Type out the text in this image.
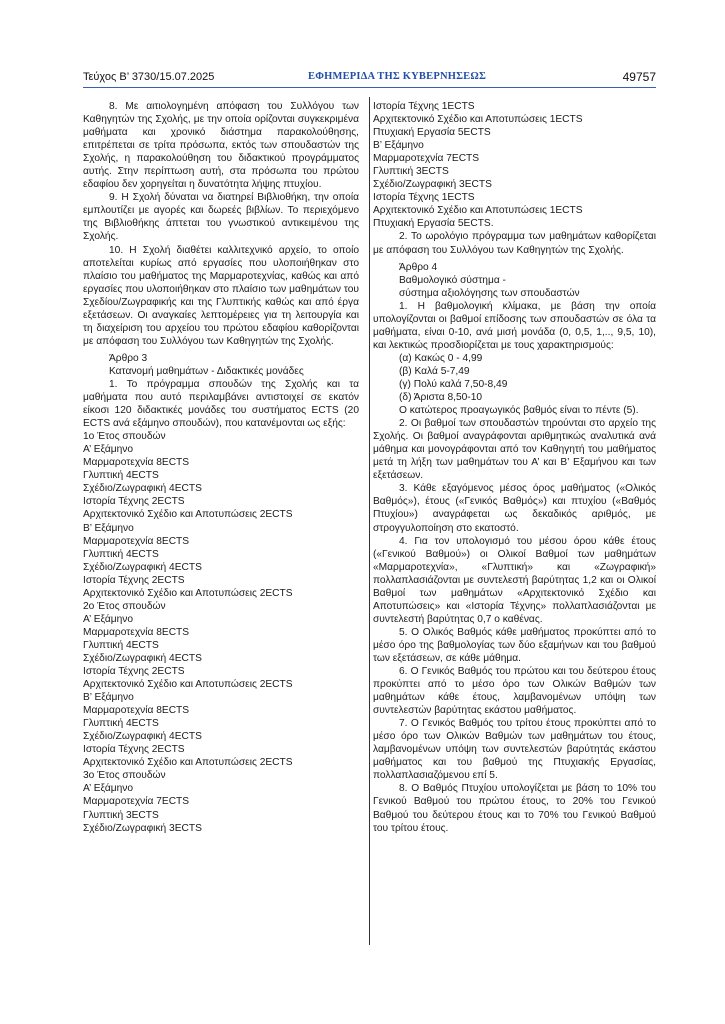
Τεύχος Β’ 3730/15.07.2025	ΕΦΗΜΕΡΙΔΑ ΤΗΣ ΚΥΒΕΡΝΗΣΕΩΣ	49757

8. Με αιτιολογημένη απόφαση του Συλλόγου των Καθηγητών της Σχολής, με την οποία ορίζονται συγκεκριμένα μαθήματα και χρονικό διάστημα παρακολούθησης, επιτρέπεται σε τρίτα πρόσωπα, εκτός των σπουδαστών της Σχολής, η παρακολούθηση του διδακτικού προγράμματος αυτής. Στην περίπτωση αυτή, στα πρόσωπα του πρώτου εδαφίου δεν χορηγείται η δυνατότητα λήψης πτυχίου.

9. Η Σχολή δύναται να διατηρεί Βιβλιοθήκη, την οποία εμπλουτίζει με αγορές και δωρεές βιβλίων. Το περιεχόμενο της Βιβλιοθήκης άπτεται του γνωστικού αντικειμένου της Σχολής.

10. Η Σχολή διαθέτει καλλιτεχνικό αρχείο, το οποίο αποτελείται κυρίως από εργασίες που υλοποιήθηκαν στο πλαίσιο του μαθήματος της Μαρμαροτεχνίας, καθώς και από εργασίες που υλοποιήθηκαν στο πλαίσιο των μαθημάτων του Σχεδίου/Ζωγραφικής και της Γλυπτικής καθώς και από έργα εξετάσεων. Οι αναγκαίες λεπτομέρειες για τη λειτουργία και τη διαχείριση του αρχείου του πρώτου εδαφίου καθορίζονται με απόφαση του Συλλόγου των Καθηγητών της Σχολής.

Άρθρο 3

Κατανομή μαθημάτων - Διδακτικές μονάδες

1. Το πρόγραμμα σπουδών της Σχολής και τα μαθήματα που αυτό περιλαμβάνει αντιστοιχεί σε εκατόν είκοσι 120 διδακτικές μονάδες του συστήματος ECTS (20 ECTS ανά εξάμηνο σπουδών), που κατανέμονται ως εξής:

1ο Έτος σπουδών

Α’ Εξάμηνο

Μαρμαροτεχνία 8ECTS

Γλυπτική 4ECTS

Σχέδιο/Ζωγραφική 4ECTS

Ιστορία Τέχνης 2ECTS

Αρχιτεκτονικό Σχέδιο και Αποτυπώσεις 2ECTS

Β’ Εξάμηνο

Μαρμαροτεχνία 8ECTS

Γλυπτική 4ECTS

Σχέδιο/Ζωγραφική 4ECTS

Ιστορία Τέχνης 2ECTS

Αρχιτεκτονικό Σχέδιο και Αποτυπώσεις 2ECTS

2ο Έτος σπουδών

Α’ Εξάμηνο

Μαρμαροτεχνία 8ECTS

Γλυπτική 4ECTS

Σχέδιο/Ζωγραφική 4ECTS

Ιστορία Τέχνης 2ECTS

Αρχιτεκτονικό Σχέδιο και Αποτυπώσεις 2ECTS

Β’ Εξάμηνο

Μαρμαροτεχνία 8ECTS

Γλυπτική 4ECTS

Σχέδιο/Ζωγραφική 4ECTS

Ιστορία Τέχνης 2ECTS

Αρχιτεκτονικό Σχέδιο και Αποτυπώσεις 2ECTS

3ο Έτος σπουδών

Α’ Εξάμηνο

Μαρμαροτεχνία 7ECTS

Γλυπτική 3ECTS

Σχέδιο/Ζωγραφική 3ECTS

Ιστορία Τέχνης 1ECTS

Αρχιτεκτονικό Σχέδιο και Αποτυπώσεις 1ECTS

Πτυχιακή Εργασία 5ECTS

Β’ Εξάμηνο

Μαρμαροτεχνία 7ECTS

Γλυπτική 3ECTS

Σχέδιο/Ζωγραφική 3ECTS

Ιστορία Τέχνης 1ECTS

Αρχιτεκτονικό Σχέδιο και Αποτυπώσεις 1ECTS

Πτυχιακή Εργασία 5ECTS.

2. Το ωρολόγιο πρόγραμμα των μαθημάτων καθορίζεται με απόφαση του Συλλόγου των Καθηγητών της Σχολής.

Άρθρο 4

Βαθμολογικό σύστημα -

σύστημα αξιολόγησης των σπουδαστών

1. Η βαθμολογική κλίμακα, με βάση την οποία υπολογίζονται οι βαθμοί επίδοσης των σπουδαστών σε όλα τα μαθήματα, είναι 0-10, ανά μισή μονάδα (0, 0,5, 1,.., 9,5, 10), και λεκτικώς προσδιορίζεται με τους χαρακτηρισμούς:

(α) Κακώς 0 - 4,99

(β) Καλά 5-7,49

(γ) Πολύ καλά 7,50-8,49

(δ) Άριστα 8,50-10

Ο κατώτερος προαγωγικός βαθμός είναι το πέντε (5).

2. Οι βαθμοί των σπουδαστών τηρούνται στο αρχείο της Σχολής. Οι βαθμοί αναγράφονται αριθμητικώς αναλυτικά ανά μάθημα και μονογράφονται από τον Καθηγητή του μαθήματος μετά τη λήξη των μαθημάτων του Α’ και Β’ Εξαμήνου και των εξετάσεων.

3. Κάθε εξαγόμενος μέσος όρος μαθήματος («Ολικός Βαθμός»), έτους («Γενικός Βαθμός») και πτυχίου («Βαθμός Πτυχίου») αναγράφεται ως δεκαδικός αριθμός, με στρογγυλοποίηση στο εκατοστό.

4. Για τον υπολογισμό του μέσου όρου κάθε έτους («Γενικού Βαθμού») οι Ολικοί Βαθμοί των μαθημάτων «Μαρμαροτεχνία», «Γλυπτική» και «Ζωγραφική» πολλαπλασιάζονται με συντελεστή βαρύτητας 1,2 και οι Ολικοί Βαθμοί των μαθημάτων «Αρχιτεκτονικό Σχέδιο και Αποτυπώσεις» και «Ιστορία Τέχνης» πολλαπλασιάζονται με συντελεστή βαρύτητας 0,7 ο καθένας.

5. Ο Ολικός Βαθμός κάθε μαθήματος προκύπτει από το μέσο όρο της βαθμολογίας των δύο εξαμήνων και του βαθμού των εξετάσεων, σε κάθε μάθημα.

6. Ο Γενικός Βαθμός του πρώτου και του δεύτερου έτους προκύπτει από το μέσο όρο των Ολικών Βαθμών των μαθημάτων κάθε έτους, λαμβανομένων υπόψη των συντελεστών βαρύτητας εκάστου μαθήματος.

7. Ο Γενικός Βαθμός του τρίτου έτους προκύπτει από το μέσο όρο των Ολικών Βαθμών των μαθημάτων του έτους, λαμβανομένων υπόψη των συντελεστών βαρύτητάς εκάστου μαθήματος και του βαθμού της Πτυχιακής Εργασίας, πολλαπλασιαζόμενου επί 5.

8. Ο Βαθμός Πτυχίου υπολογίζεται με βάση το 10% του Γενικού Βαθμού του πρώτου έτους, το 20% του Γενικού Βαθμού του δεύτερου έτους και το 70% του Γενικού Βαθμού του τρίτου έτους.
